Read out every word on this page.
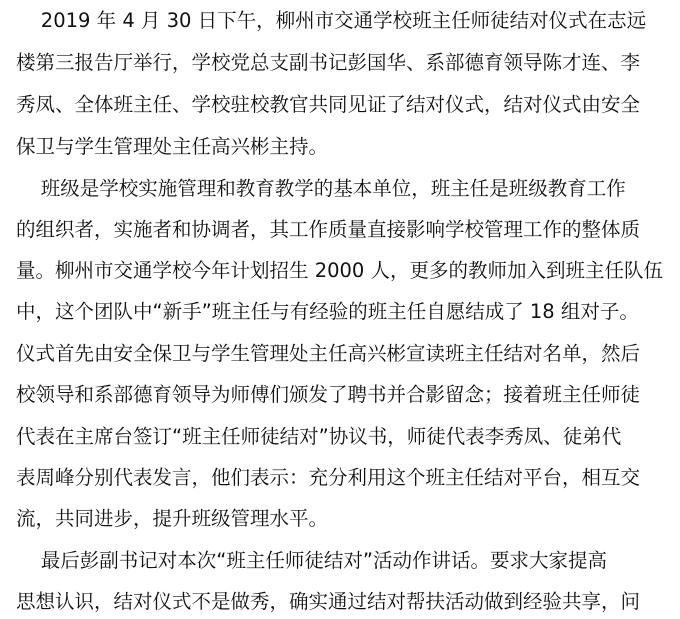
2019 年 4 月 30 日下午，柳州市交通学校班主任师徒结对仪式在志远
楼第三报告厅举行，学校党总支副书记彭国华、系部德育领导陈才连、李
秀凤、全体班主任、学校驻校教官共同见证了结对仪式，结对仪式由安全
保卫与学生管理处主任高兴彬主持。
班级是学校实施管理和教育教学的基本单位，班主任是班级教育工作
的组织者，实施者和协调者，其工作质量直接影响学校管理工作的整体质
量。柳州市交通学校今年计划招生 2000 人，更多的教师加入到班主任队伍
中，这个团队中“新手”班主任与有经验的班主任自愿结成了 18 组对子。
仪式首先由安全保卫与学生管理处主任高兴彬宣读班主任结对名单，然后
校领导和系部德育领导为师傅们颁发了聘书并合影留念；接着班主任师徒
代表在主席台签订“班主任师徒结对”协议书，师徒代表李秀凤、徒弟代
表周峰分别代表发言，他们表示：充分利用这个班主任结对平台，相互交
流，共同进步，提升班级管理水平。
最后彭副书记对本次“班主任师徒结对”活动作讲话。要求大家提高
思想认识，结对仪式不是做秀，确实通过结对帮扶活动做到经验共享，问
